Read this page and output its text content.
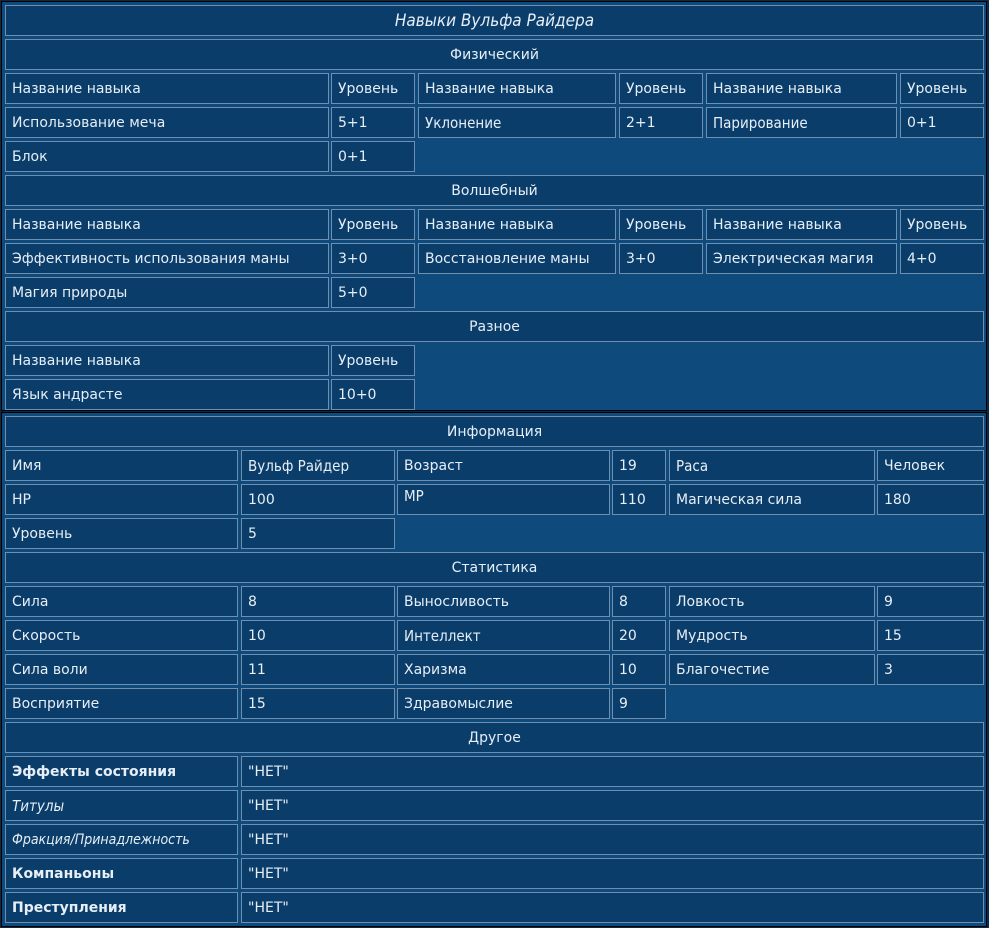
Навыки Вульфа Райдера
Физический
Название навыка	Уровень	Название навыка	Уровень	Название навыка	Уровень
Использование меча	5+1	Уклонение	2+1	Парирование	0+1
Блок	0+1
Волшебный
Название навыка	Уровень	Название навыка	Уровень	Название навыка	Уровень
Эффективность использования маны	3+0	Восстановление маны	3+0	Электрическая магия	4+0
Магия природы	5+0
Разное
Название навыка	Уровень
Язык андрасте	10+0
Информация
Имя	Вульф Райдер	Возраст	19	Раса	Человек
HP	100	MP	110	Магическая сила	180
Уровень	5
Статистика
Сила	8	Выносливость	8	Ловкость	9
Скорость	10	Интеллект	20	Мудрость	15
Сила воли	11	Харизма	10	Благочестие	3
Восприятие	15	Здравомыслие	9
Другое
Эффекты состояния	"НЕТ"
Титулы	"НЕТ"
Фракция/Принадлежность	"НЕТ"
Компаньоны	"НЕТ"
Преступления	"НЕТ"
